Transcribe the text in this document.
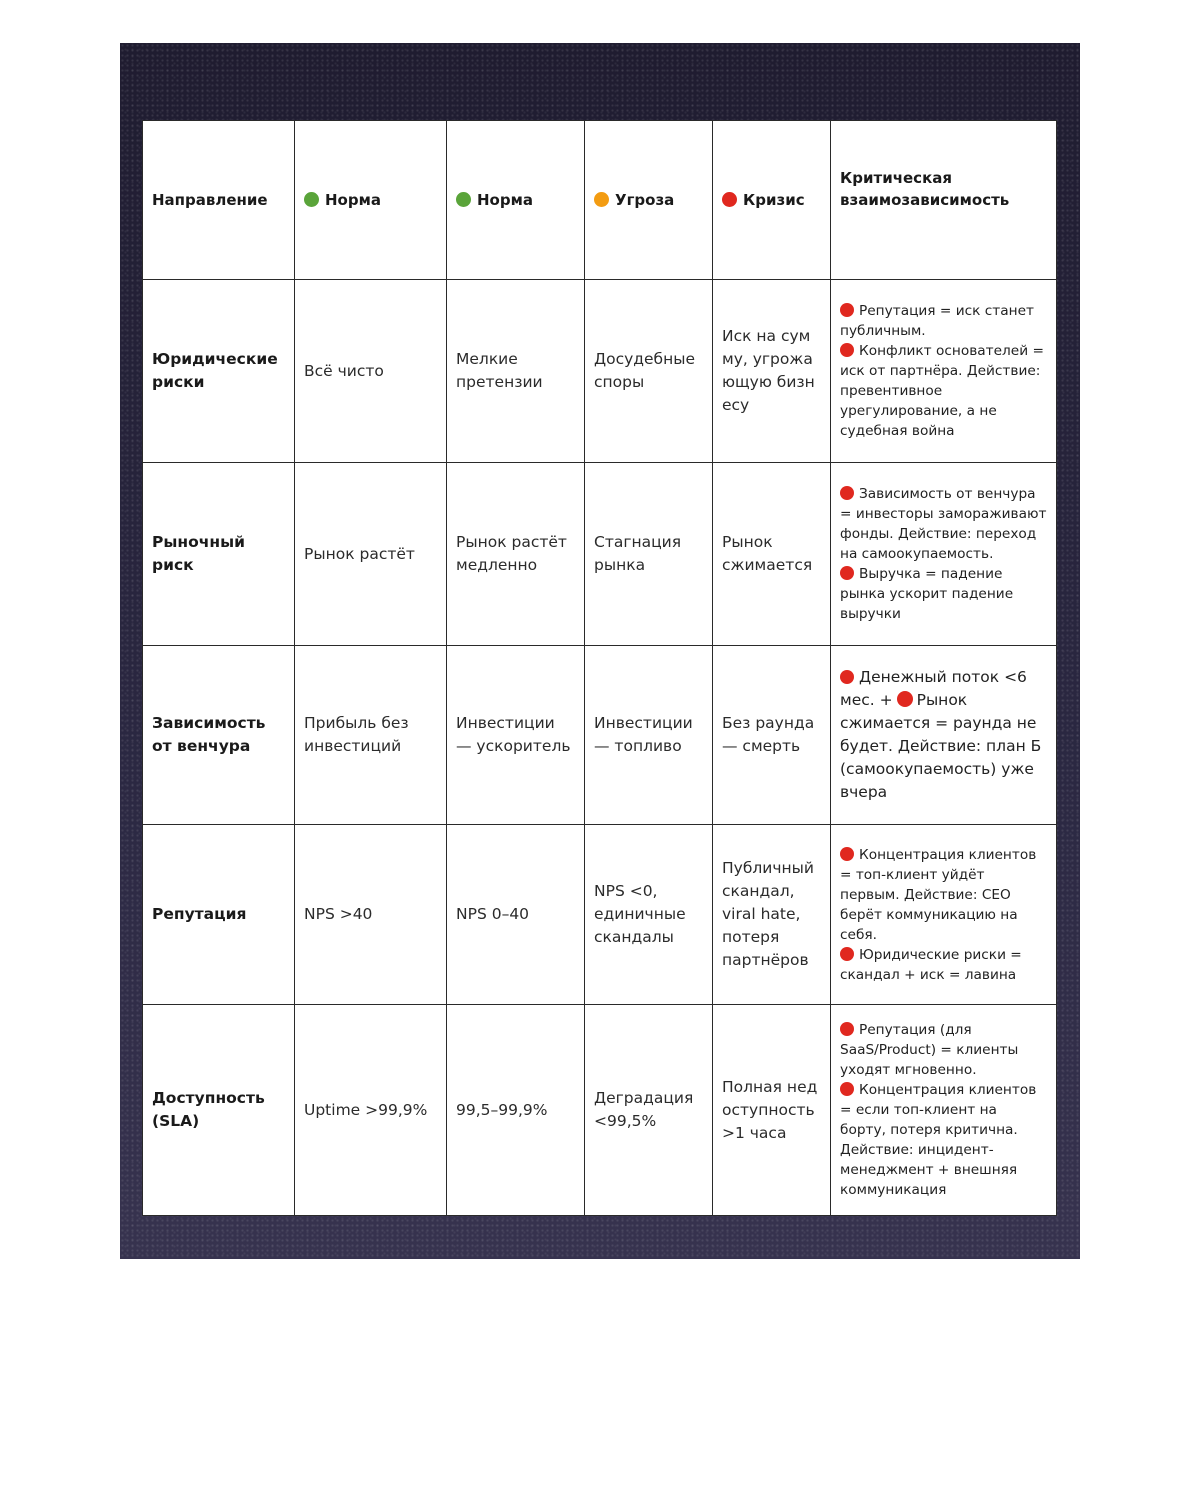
Направление	Норма	Норма	Угроза	Кризис	Критическая взаимозависимость

Юридические риски	Всё чисто	Мелкие претензии	Досудебные споры	Иск на сумму, угрожающую бизнесу	Репутация = иск станет публичным.
Конфликт основателей = иск от партнёра. Действие: превентивное урегулирование, а не судебная война

Рыночный риск	Рынок растёт	Рынок растёт медленно	Стагнация рынка	Рынок сжимается	Зависимость от венчура = инвесторы замораживают фонды. Действие: переход на самоокупаемость.
Выручка = падение рынка ускорит падение выручки

Зависимость от венчура	Прибыль без инвестиций	Инвестиции — ускоритель	Инвестиции — топливо	Без раунда — смерть	Денежный поток <6 мес. + Рынок сжимается = раунда не будет. Действие: план Б (самоокупаемость) уже вчера

Репутация	NPS >40	NPS 0–40	NPS <0, единичные скандалы	Публичный скандал, viral hate, потеря партнёров	Концентрация клиентов = топ-клиент уйдёт первым. Действие: CEO берёт коммуникацию на себя.
Юридические риски = скандал + иск = лавина

Доступность (SLA)	Uptime >99,9%	99,5–99,9%	Деградация <99,5%	Полная недоступность >1 часа	Репутация (для SaaS/Product) = клиенты уходят мгновенно.
Концентрация клиентов = если топ-клиент на борту, потеря критична. Действие: инцидент-менеджмент + внешняя коммуникация
